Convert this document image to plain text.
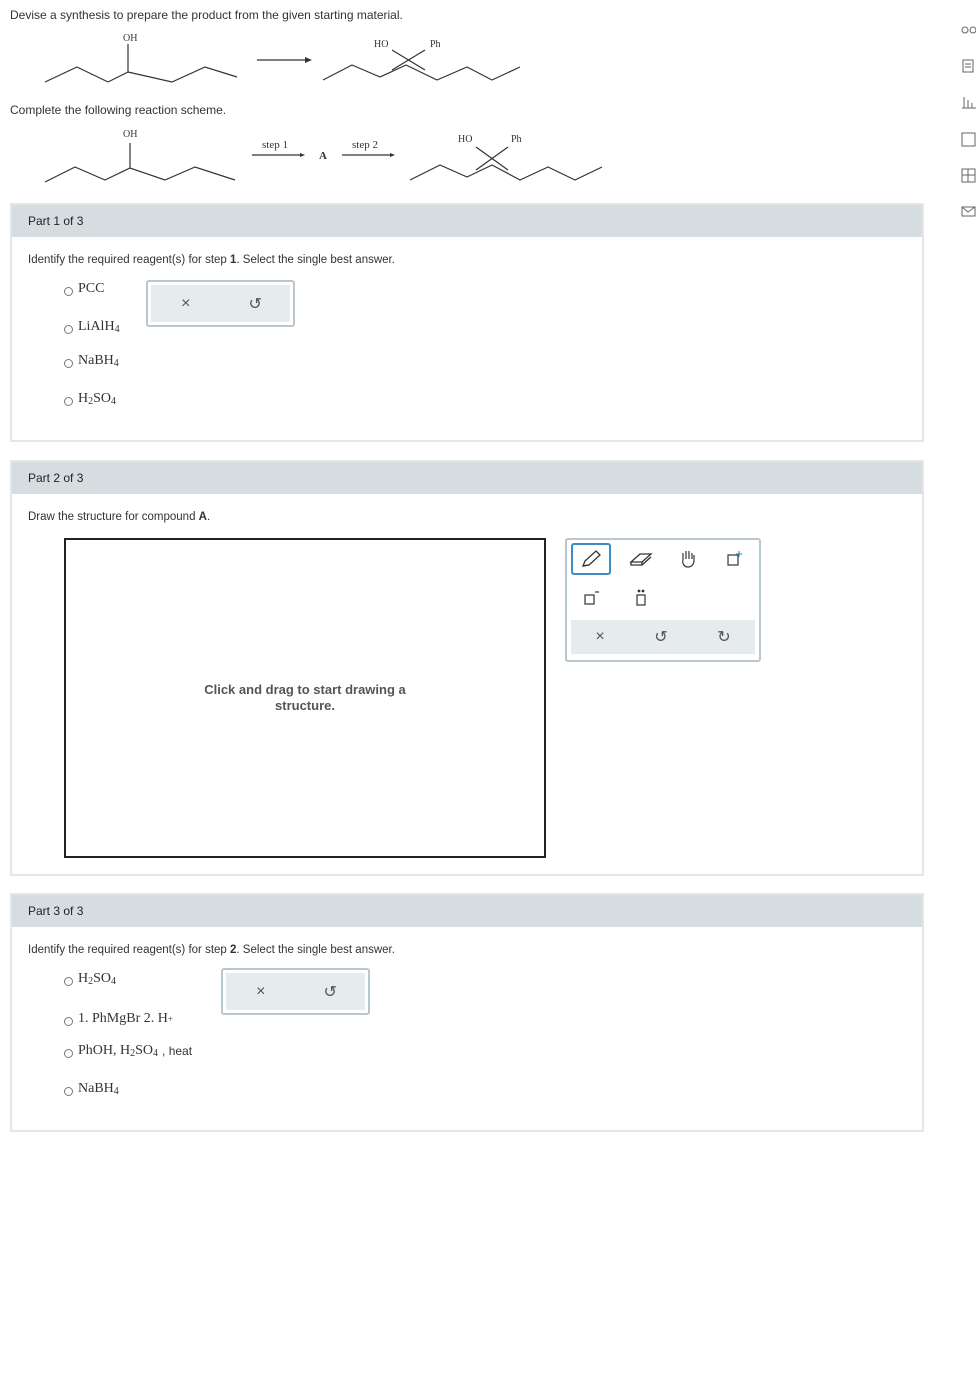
Devise a synthesis to prepare the product from the given starting material.
OH
HO	Ph
Complete the following reaction scheme.
OH
step 1
A
step 2	HO	Ph
Part 1 of 3
Identify the required reagent(s) for step 1. Select the single best answer.
PCC
LiAlH$_4$
NaBH$_4$
$H_2$ $SO_4$
×	↺
Part 2 of 3
Draw the structure for compound A.
Click and drag to start drawing a structure.
×	↺	↻
Part 3 of 3
Identify the required reagent(s) for step 2. Select the single best answer.
$H_2$ $SO_4$
1. PhMgBr 2. H +
PhOH, $H_2$ $SO_4$ , heat
NaBH$_4$
×	↺
